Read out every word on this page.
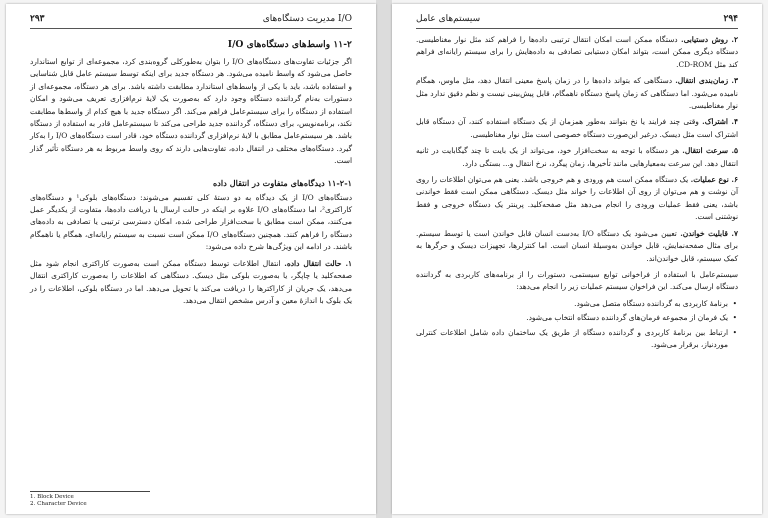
۲۹۳	مدیریت دستگاه‌های I/O
۱۱-۲ واسط‌های دستگاه‌های I/O

اگر جزئیات تفاوت‌های دستگاه‌های I/O را بتوان به‌طورکلی گروه‌بندی کرد، مجموعه‌ای از توابع استاندارد حاصل می‌شود که واسط نامیده می‌شود. هر دستگاه جدید برای اینکه توسط سیستم عامل قابل شناسایی و استفاده باشد، باید با یکی از واسط‌های استاندارد مطابقت داشته باشد. برای هر دستگاه، مجموعه‌ای از دستورات به‌نام گرداننده دستگاه وجود دارد که به‌صورت یک لایهٔ نرم‌افزاری تعریف می‌شود و امکان استفاده از دستگاه را برای سیستم‌عامل فراهم می‌کند. اگر دستگاه جدید با هیچ کدام از واسط‌ها مطابقت نکند، برنامه‌نویس، برای دستگاه، گرداننده جدید طراحی می‌کند تا سیستم‌عامل قادر به استفاده از دستگاه باشد. هر سیستم‌عامل مطابق با لایهٔ نرم‌افزاری گرداننده دستگاه خود، قادر است دستگاه‌های I/O را به‌کار گیرد. دستگاه‌های مختلف در انتقال داده، تفاوت‌هایی دارند که روی واسط مربوط به هر دستگاه تأثیر گذار است.

۱۱-۲-۱ دیدگاه‌های متفاوت در انتقال داده

دستگاه‌های I/O از یک دیدگاه به دو دستهٔ کلی تقسیم می‌شوند: دستگاه‌های بلوکی¹ و دستگاه‌های کاراکتری²، اما دستگاه‌های I/O علاوه بر اینکه در حالت ارسال یا دریافت داده‌ها، متفاوت از یکدیگر عمل می‌کنند، ممکن است مطابق با سخت‌افزار طراحی شده، امکان دسترسی ترتیبی یا تصادفی به داده‌های دستگاه را فراهم کنند. همچنین دستگاه‌های I/O ممکن است نسبت به سیستم رایانه‌ای، همگام یا ناهمگام باشند. در ادامه این ویژگی‌ها شرح داده می‌شود:

۱. حالت انتقال داده. انتقال اطلاعات توسط دستگاه ممکن است به‌صورت کاراکتری انجام شود مثل صفحه‌کلید یا چاپگر، یا به‌صورت بلوکی مثل دیسک. دستگاهی که اطلاعات را به‌صورت کاراکتری انتقال می‌دهد، یک جریان از کاراکترها را دریافت می‌کند یا تحویل می‌دهد. اما در دستگاه بلوکی، اطلاعات را در یک بلوک با اندازهٔ معین و آدرس مشخص انتقال می‌دهد.
1. Block Device
2. Character Device
۲۹۴
سیستم‌های عامل
۲. روش دستیابی. دستگاه ممکن است امکان انتقال ترتیبی داده‌ها را فراهم کند مثل نوار مغناطیسی. دستگاه دیگری ممکن است، بتواند امکان دستیابی تصادفی به داده‌هایش را برای سیستم رایانه‌ای فراهم کند مثل CD-ROM.
۳. زمان‌بندی انتقال. دستگاهی که بتواند داده‌ها را در زمان پاسخ معینی انتقال دهد، مثل ماوس، همگام نامیده می‌شود. اما دستگاهی که زمان پاسخ دستگاه ناهمگام، قابل پیش‌بینی نیست و نظم دقیق ندارد مثل نوار مغناطیسی.
۴. اشتراک. وقتی چند فرایند یا نخ بتوانند به‌طور همزمان از یک دستگاه استفاده کنند، آن دستگاه قابل اشتراک است مثل دیسک. درغیر این‌صورت دستگاه خصوصی است مثل نوار مغناطیسی.
۵. سرعت انتقال. هر دستگاه با توجه به سخت‌افزار خود، می‌تواند از یک بایت تا چند گیگابایت در ثانیه انتقال دهد. این سرعت به‌معیارهایی مانند تأخیرها، زمان پیگرد، نرخ انتقال و... بستگی دارد.
۶. نوع عملیات. یک دستگاه ممکن است هم ورودی و هم خروجی باشد. یعنی هم می‌توان اطلاعات را روی آن نوشت و هم می‌توان از روی آن اطلاعات را خواند مثل دیسک. دستگاهی ممکن است فقط خواندنی باشد، یعنی فقط عملیات ورودی را انجام می‌دهد مثل صفحه‌کلید. پرینتر یک دستگاه خروجی و فقط نوشتنی است.
۷. قابلیت خواندن. تعیین می‌شود یک دستگاه I/O به‌دست انسان قابل خواندن است یا توسط سیستم. برای مثال صفحه‌نمایش، قابل خواندن به‌وسیلهٔ انسان است. اما کنترلرها، تجهیزات دیسک و حرگرها به کمک سیستم، قابل خواندن‌اند.

سیستم‌عامل با استفاده از فراخوانی توابع سیستمی، دستورات را از برنامه‌های کاربردی به گرداننده دستگاه ارسال می‌کند. این فراخوان سیستم عملیات زیر را انجام می‌دهد:

• برنامهٔ کاربردی به گرداننده دستگاه متصل می‌شود.
• یک فرمان از مجموعه فرمان‌های گرداننده دستگاه انتخاب می‌شود.
• ارتباط بین برنامهٔ کاربردی و گرداننده دستگاه از طریق یک ساختمان داده شامل اطلاعات کنترلی موردنیاز، برقرار می‌شود.
